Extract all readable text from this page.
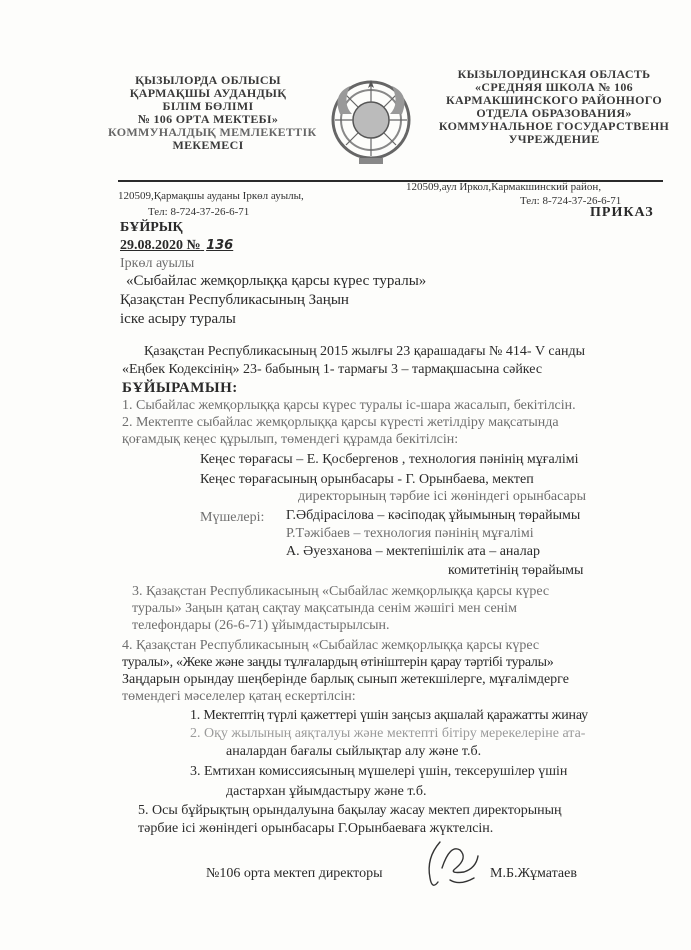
ҚЫЗЫЛОРДА ОБЛЫСЫ
ҚАРМАҚШЫ АУДАНДЫҚ
БІЛІМ БӨЛІМІ
№ 106 ОРТА МЕКТЕБІ»
КОММУНАЛДЫҚ МЕМЛЕКЕТТІК
МЕКЕМЕСІ
КЫЗЫЛОРДИНСКАЯ ОБЛАСТЬ
«СРЕДНЯЯ ШКОЛА № 106
КАРМАКШИНСКОГО РАЙОННОГО
ОТДЕЛА ОБРАЗОВАНИЯ»
КОММУНАЛЬНОЕ ГОСУДАРСТВЕНН
УЧРЕЖДЕНИЕ
120509,Қармақшы ауданы Іркөл ауылы,
Тел: 8-724-37-26-6-71
120509,аул Иркол,Кармакшинский район,
Тел: 8-724-37-26-6-71
БҰЙРЫҚ
ПРИКАЗ
29.08.2020 № 136
Іркөл ауылы
«Сыбайлас жемқорлыққа қарсы күрес туралы»
Қазақстан Республикасының Заңын
іске асыру туралы
Қазақстан Республикасының 2015 жылғы 23 қарашадағы № 414- V санды
«Еңбек Кодексінің» 23- бабының 1- тармағы 3 – тармақшасына сәйкес
БҰЙЫРАМЫН:
1. Сыбайлас жемқорлыққа қарсы күрес туралы іс-шара жасалып, бекітілсін.
2. Мектепте сыбайлас жемқорлыққа қарсы күресті жетілдіру мақсатында
қоғамдық кеңес құрылып, төмендегі құрамда бекітілсін:
Кеңес төрағасы – Е. Қосбергенов , технология пәнінің мұғалімі
Кеңес төрағасының орынбасары - Г. Орынбаева, мектеп
директорының тәрбие ісі жөніндегі орынбасары
Мүшелері: Г.Әбдірасілова – кәсіподақ ұйымының төрайымы
Р.Тәжібаев – технология пәнінің мұғалімі
А. Әуезханова – мектепішілік ата – аналар
комитетінің төрайымы
3. Қазақстан Республикасының «Сыбайлас жемқорлыққа қарсы күрес
туралы» Заңын қатаң сақтау мақсатында сенім жәшігі мен сенім
телефондары (26-6-71) ұйымдастырылсын.
4. Қазақстан Республикасының «Сыбайлас жемқорлыққа қарсы күрес
туралы», «Жеке және заңды тұлғалардың өтініштерін қарау тәртібі туралы»
Заңдарын орындау шеңберінде барлық сынып жетекшілерге, мұғалімдерге
төмендегі мәселелер қатаң ескертілсін:
1. Мектептің түрлі қажеттері үшін заңсыз ақшалай қаражатты жинау
2. Оқу жылының аяқталуы және мектепті бітіру мерекелеріне ата-
аналардан бағалы сыйлықтар алу және т.б.
3. Емтихан комиссиясының мүшелері үшін, тексерушілер үшін
дастархан ұйымдастыру және т.б.
5. Осы бұйрықтың орындалуына бақылау жасау мектеп директорының
тәрбие ісі жөніндегі орынбасары Г.Орынбаеваға жүктелсін.
№106 орта мектеп директоры	М.Б.Жұматаев
